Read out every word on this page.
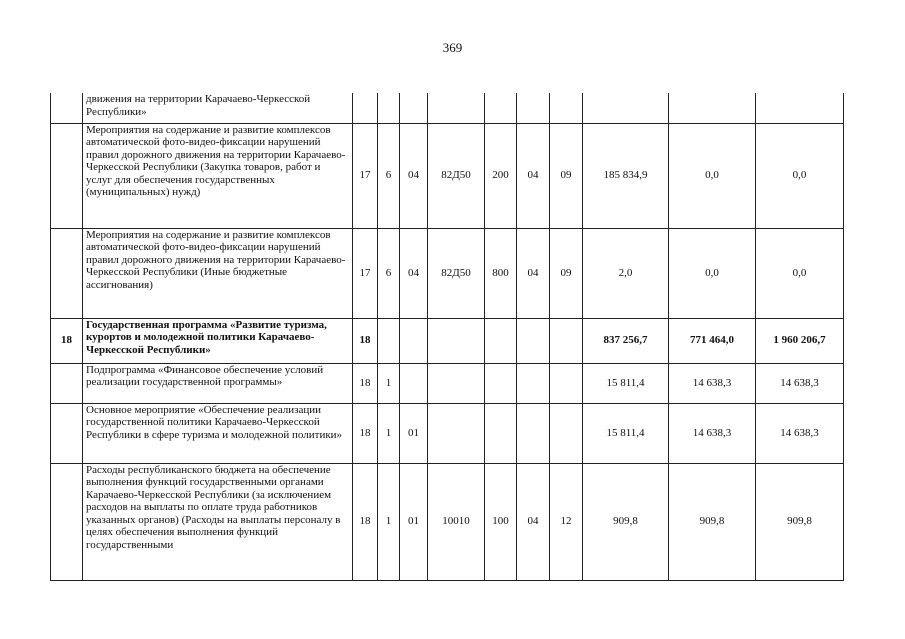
369
	движения на территории Карачаево-Черкесской Республики»										
	Мероприятия на содержание и развитие комплексов автоматической фото-видео-фиксации нарушений правил дорожного движения на территории Карачаево-Черкесской Республики (Закупка товаров, работ и услуг для обеспечения государственных (муниципальных) нужд)	17	6	04	82Д50	200	04	09	185 834,9	0,0	0,0
	Мероприятия на содержание и развитие комплексов автоматической фото-видео-фиксации нарушений правил дорожного движения на территории Карачаево-Черкесской Республики (Иные бюджетные ассигнования)	17	6	04	82Д50	800	04	09	2,0	0,0	0,0
18	Государственная программа «Развитие туризма, курортов и молодежной политики Карачаево-Черкесской Республики»	18							837 256,7	771 464,0	1 960 206,7
	Подпрограмма «Финансовое обеспечение условий реализации государственной программы»	18	1						15 811,4	14 638,3	14 638,3
	Основное мероприятие «Обеспечение реализации государственной политики Карачаево-Черкесской Республики в сфере туризма и молодежной политики»	18	1	01					15 811,4	14 638,3	14 638,3
	Расходы республиканского бюджета на обеспечение выполнения функций государственными органами Карачаево-Черкесской Республики (за исключением расходов на выплаты по оплате труда работников указанных органов) (Расходы на выплаты персоналу в целях обеспечения выполнения функций государственными	18	1	01	10010	100	04	12	909,8	909,8	909,8
